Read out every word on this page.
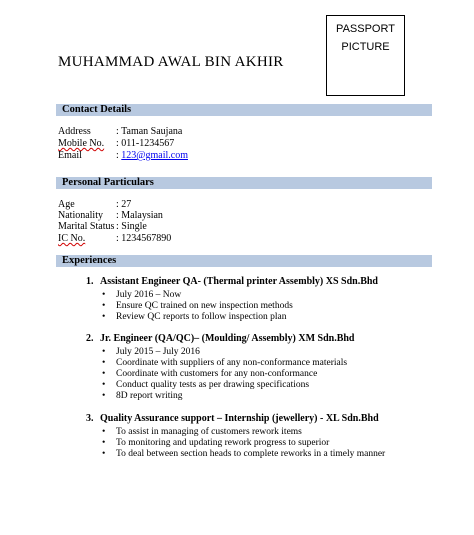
PASSPORT
PICTURE
MUHAMMAD AWAL BIN AKHIR
Contact Details
Address	: Taman Saujana
Mobile No. : 011-1234567
Email	: 123@gmail.com
Personal Particulars
Age	: 27
Nationality : Malaysian
Marital Status : Single
IC No.	: 1234567890
Experiences
1. Assistant Engineer QA- (Thermal printer Assembly) XS Sdn.Bhd
• July 2016 – Now
• Ensure QC trained on new inspection methods
• Review QC reports to follow inspection plan
2. Jr. Engineer (QA/QC)– (Moulding/ Assembly) XM Sdn.Bhd
• July 2015 – July 2016
• Coordinate with suppliers of any non-conformance materials
• Coordinate with customers for any non-conformance
• Conduct quality tests as per drawing specifications
• 8D report writing
3. Quality Assurance support – Internship (jewellery) - XL Sdn.Bhd
• To assist in managing of customers rework items
• To monitoring and updating rework progress to superior
• To deal between section heads to complete reworks in a timely manner
